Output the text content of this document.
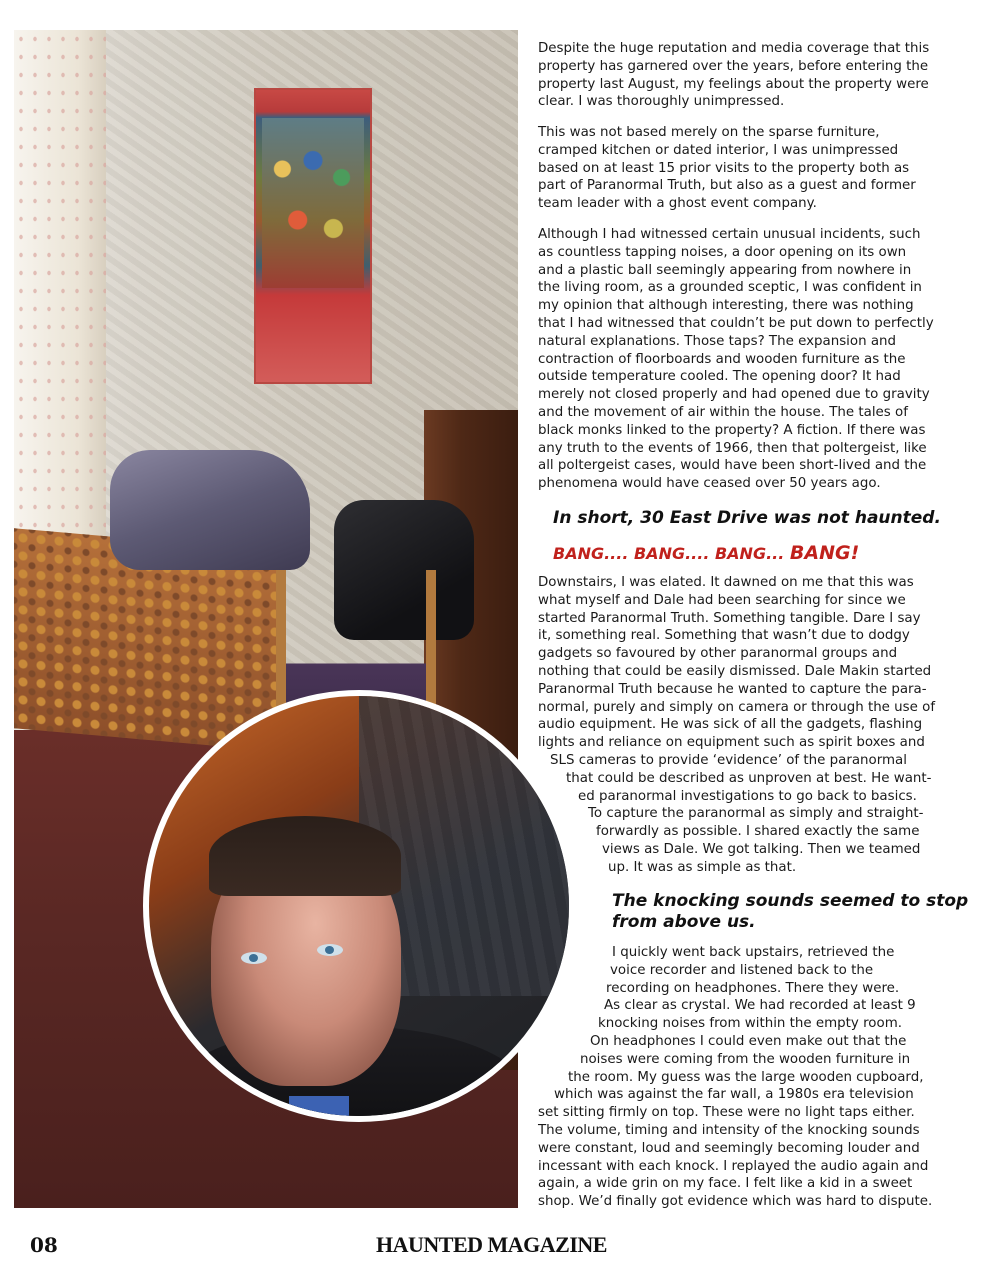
Despite the huge reputation and media coverage that this
property has garnered over the years, before entering the
property last August, my feelings about the property were
clear. I was thoroughly unimpressed.
This was not based merely on the sparse furniture,
cramped kitchen or dated interior, I was unimpressed
based on at least 15 prior visits to the property both as
part of Paranormal Truth, but also as a guest and former
team leader with a ghost event company.
Although I had witnessed certain unusual incidents, such
as countless tapping noises, a door opening on its own
and a plastic ball seemingly appearing from nowhere in
the living room, as a grounded sceptic, I was confident in
my opinion that although interesting, there was nothing
that I had witnessed that couldn’t be put down to perfectly
natural explanations. Those taps? The expansion and
contraction of floorboards and wooden furniture as the
outside temperature cooled. The opening door? It had
merely not closed properly and had opened due to gravity
and the movement of air within the house. The tales of
black monks linked to the property? A fiction. If there was
any truth to the events of 1966, then that poltergeist, like
all poltergeist cases, would have been short-lived and the
phenomena would have ceased over 50 years ago.

In short, 30 East Drive was not haunted.

BANG.... BANG.... BANG... BANG!

Downstairs, I was elated. It dawned on me that this was
what myself and Dale had been searching for since we
started Paranormal Truth. Something tangible. Dare I say
it, something real. Something that wasn’t due to dodgy
gadgets so favoured by other paranormal groups and
nothing that could be easily dismissed. Dale Makin started
Paranormal Truth because he wanted to capture the para-
normal, purely and simply on camera or through the use of
audio equipment. He was sick of all the gadgets, flashing
lights and reliance on equipment such as spirit boxes and
SLS cameras to provide ‘evidence’ of the paranormal
that could be described as unproven at best. He want-
ed paranormal investigations to go back to basics.
To capture the paranormal as simply and straight-
forwardly as possible. I shared exactly the same
views as Dale. We got talking. Then we teamed
up. It was as simple as that.
The knocking sounds seemed to stop
from above us.
I quickly went back upstairs, retrieved the
voice recorder and listened back to the
recording on headphones. There they were.
As clear as crystal. We had recorded at least 9
knocking noises from within the empty room.
On headphones I could even make out that the
noises were coming from the wooden furniture in
the room. My guess was the large wooden cupboard,
which was against the far wall, a 1980s era television
set sitting firmly on top. These were no light taps either.
The volume, timing and intensity of the knocking sounds
were constant, loud and seemingly becoming louder and
incessant with each knock. I replayed the audio again and
again, a wide grin on my face. I felt like a kid in a sweet
shop. We’d finally got evidence which was hard to dispute.
08	HAUNTED MAGAZINE
